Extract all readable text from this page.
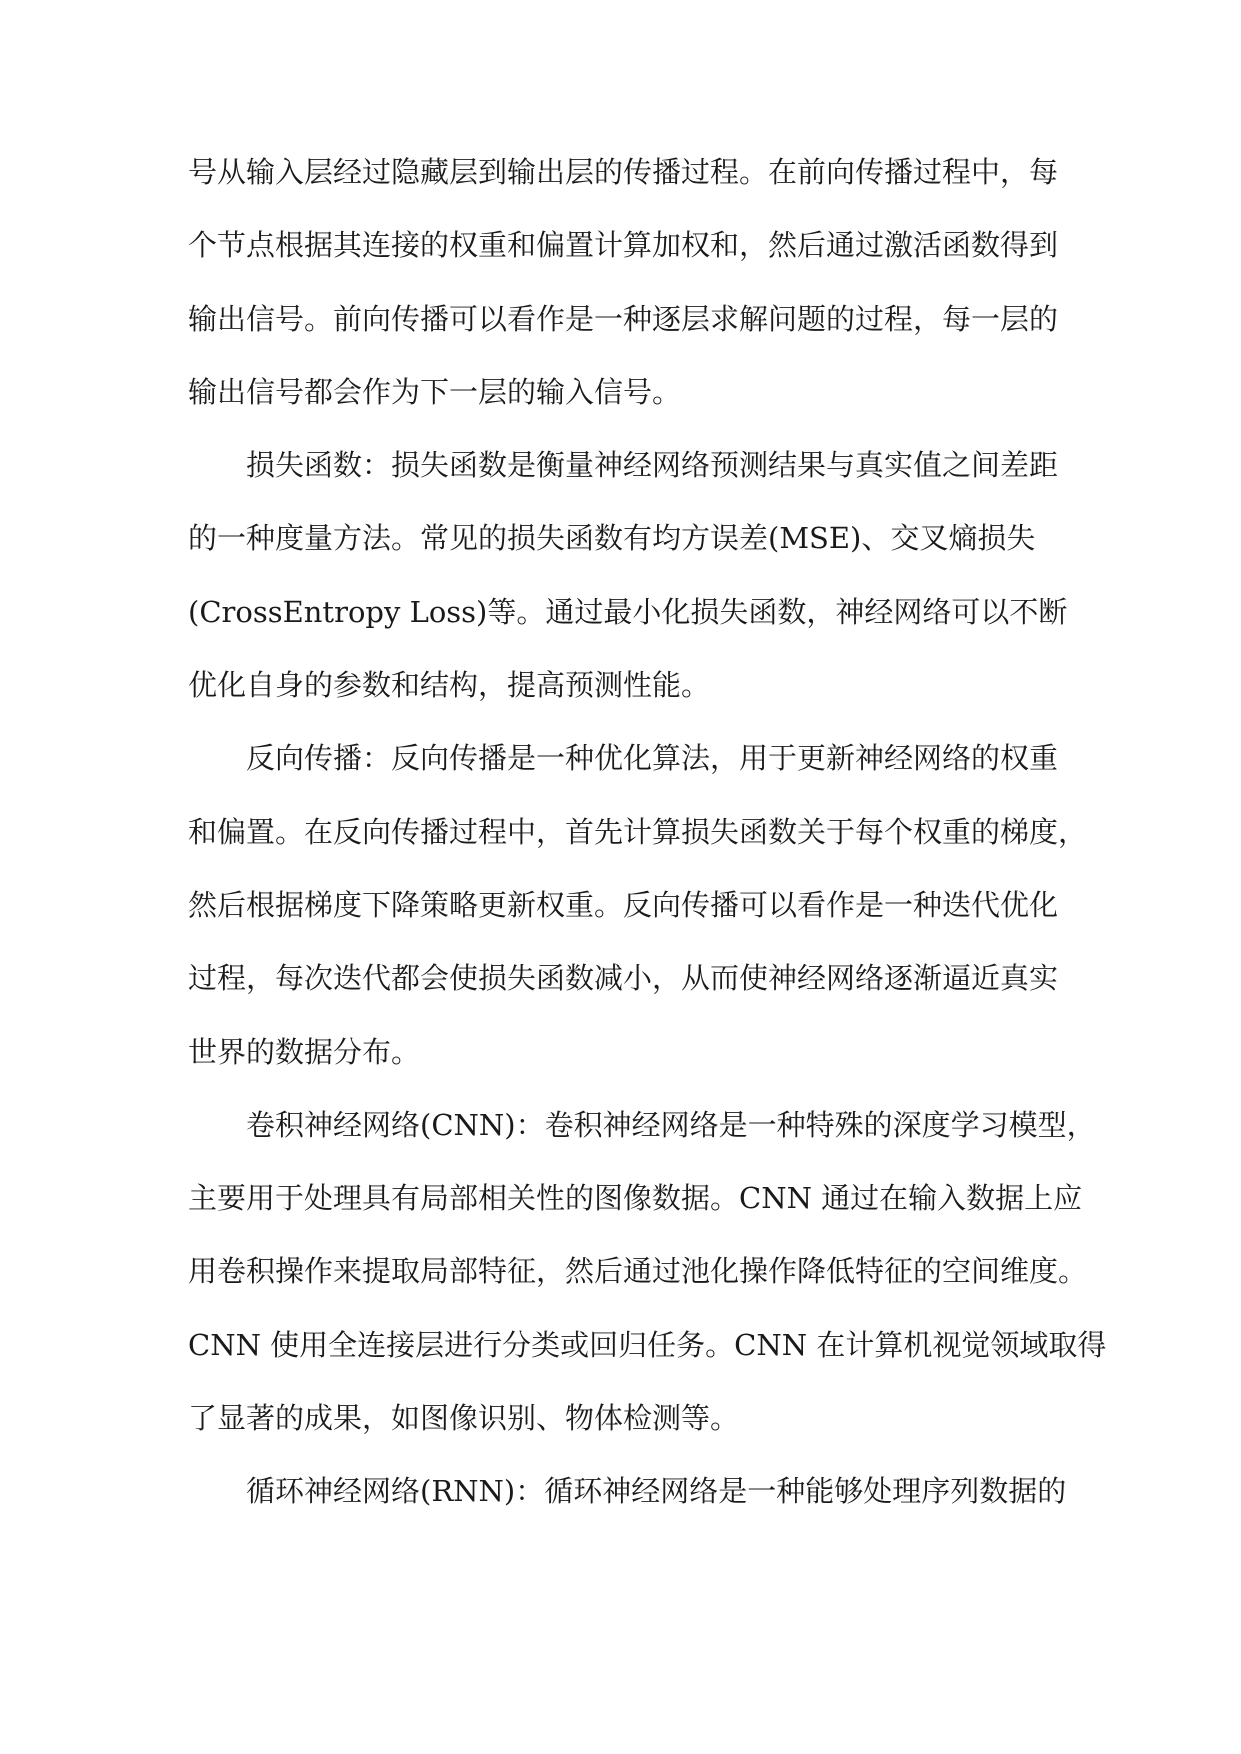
号从输入层经过隐藏层到输出层的传播过程。在前向传播过程中，每
个节点根据其连接的权重和偏置计算加权和，然后通过激活函数得到
输出信号。前向传播可以看作是一种逐层求解问题的过程，每一层的
输出信号都会作为下一层的输入信号。
损失函数：损失函数是衡量神经网络预测结果与真实值之间差距
的一种度量方法。常见的损失函数有均方误差(MSE)、交叉熵损失
(CrossEntropy Loss)等。通过最小化损失函数，神经网络可以不断
优化自身的参数和结构，提高预测性能。
反向传播：反向传播是一种优化算法，用于更新神经网络的权重
和偏置。在反向传播过程中，首先计算损失函数关于每个权重的梯度，
然后根据梯度下降策略更新权重。反向传播可以看作是一种迭代优化
过程，每次迭代都会使损失函数减小，从而使神经网络逐渐逼近真实
世界的数据分布。
卷积神经网络(CNN)：卷积神经网络是一种特殊的深度学习模型，
主要用于处理具有局部相关性的图像数据。CNN 通过在输入数据上应
用卷积操作来提取局部特征，然后通过池化操作降低特征的空间维度。
CNN 使用全连接层进行分类或回归任务。CNN 在计算机视觉领域取得
了显著的成果，如图像识别、物体检测等。
循环神经网络(RNN)：循环神经网络是一种能够处理序列数据的
